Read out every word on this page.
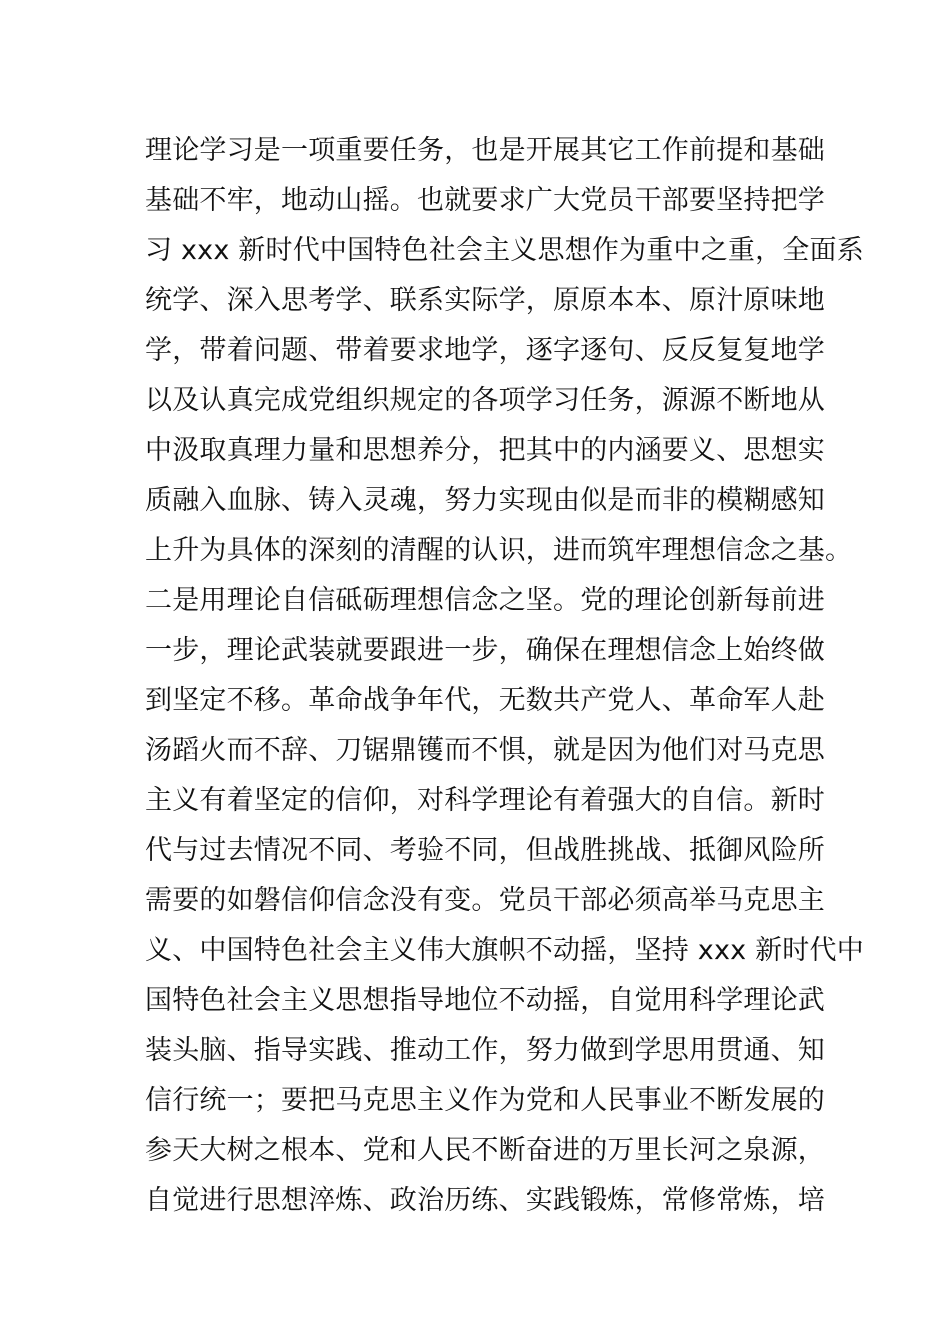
理论学习是一项重要任务，也是开展其它工作前提和基础
基础不牢，地动山摇。也就要求广大党员干部要坚持把学
习 xxx 新时代中国特色社会主义思想作为重中之重，全面系
统学、深入思考学、联系实际学，原原本本、原汁原味地
学，带着问题、带着要求地学，逐字逐句、反反复复地学
以及认真完成党组织规定的各项学习任务，源源不断地从
中汲取真理力量和思想养分，把其中的内涵要义、思想实
质融入血脉、铸入灵魂，努力实现由似是而非的模糊感知
上升为具体的深刻的清醒的认识，进而筑牢理想信念之基。
二是用理论自信砥砺理想信念之坚。党的理论创新每前进
一步，理论武装就要跟进一步，确保在理想信念上始终做
到坚定不移。革命战争年代，无数共产党人、革命军人赴
汤蹈火而不辞、刀锯鼎镬而不惧，就是因为他们对马克思
主义有着坚定的信仰，对科学理论有着强大的自信。新时
代与过去情况不同、考验不同，但战胜挑战、抵御风险所
需要的如磐信仰信念没有变。党员干部必须高举马克思主
义、中国特色社会主义伟大旗帜不动摇，坚持 xxx 新时代中
国特色社会主义思想指导地位不动摇，自觉用科学理论武
装头脑、指导实践、推动工作，努力做到学思用贯通、知
信行统一；要把马克思主义作为党和人民事业不断发展的
参天大树之根本、党和人民不断奋进的万里长河之泉源，
自觉进行思想淬炼、政治历练、实践锻炼，常修常炼，培
